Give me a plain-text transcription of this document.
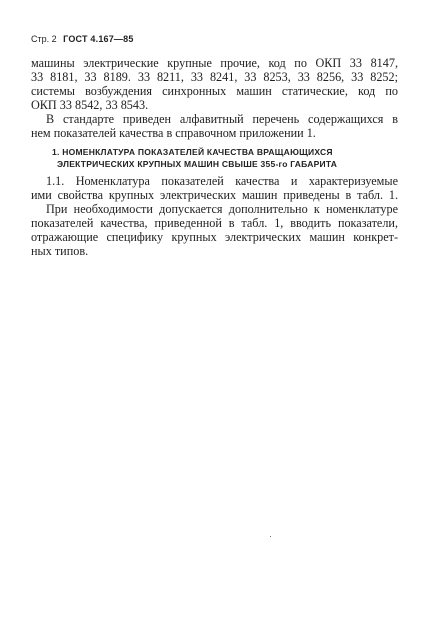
Стр. 2 ГОСТ 4.167—85
машины электрические крупные прочие, код по ОКП 33 8147,
33 8181, 33 8189. 33 8211, 33 8241, 33 8253, 33 8256, 33 8252;
системы возбуждения синхронных машин статические, код по
ОКП 33 8542, 33 8543.
В стандарте приведен алфавитный перечень содержащихся в
нем показателей качества в справочном приложении 1.
1. НОМЕНКЛАТУРА ПОКАЗАТЕЛЕЙ КАЧЕСТВА ВРАЩАЮЩИХСЯ
ЭЛЕКТРИЧЕСКИХ КРУПНЫХ МАШИН СВЫШЕ 355-го ГАБАРИТА
1.1. Номенклатура показателей качества и характеризуемые
ими свойства крупных электрических машин приведены в табл. 1.
При необходимости допускается дополнительно к номенклатуре
показателей качества, приведенной в табл. 1, вводить показатели,
отражающие специфику крупных электрических машин конкрет-
ных типов.
